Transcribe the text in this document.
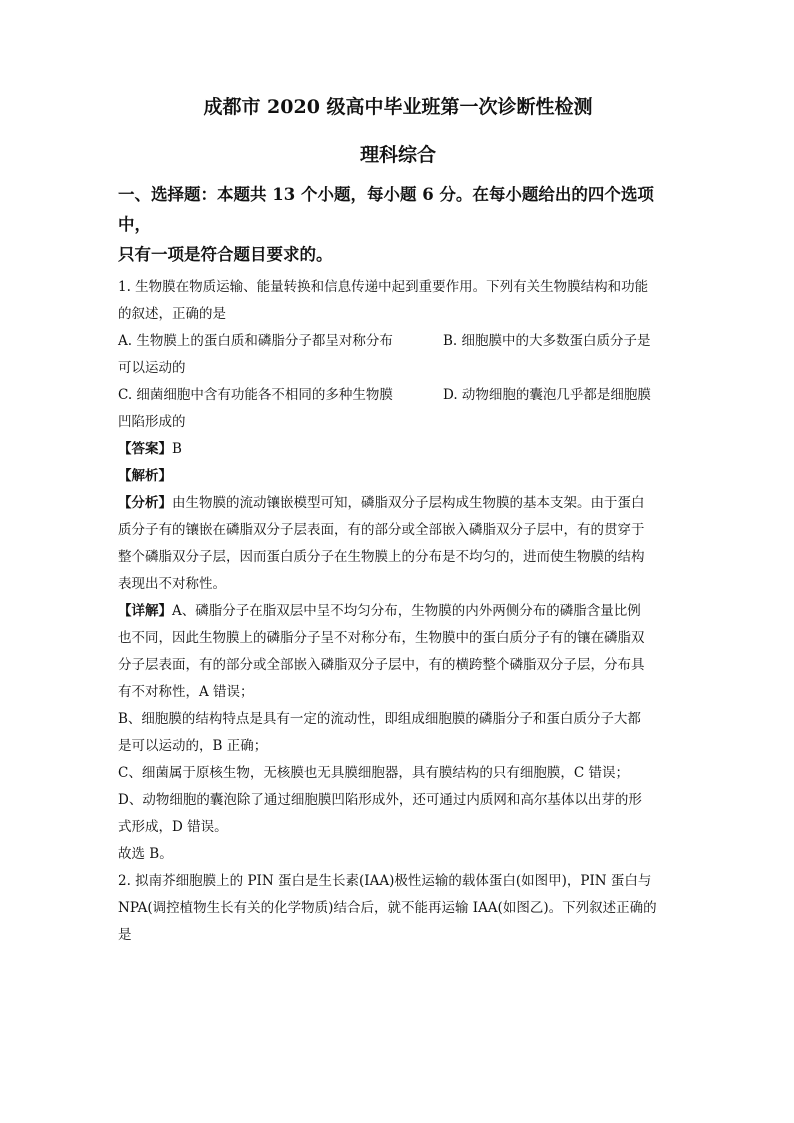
成都市 2020 级高中毕业班第一次诊断性检测
理科综合
一、选择题：本题共 13 个小题，每小题 6 分。在每小题给出的四个选项中，
只有一项是符合题目要求的。

1. 生物膜在物质运输、能量转换和信息传递中起到重要作用。下列有关生物膜结构和功能

的叙述，正确的是

A. 生物膜上的蛋白质和磷脂分子都呈对称分布	B. 细胞膜中的大多数蛋白质分子是

可以运动的

C. 细菌细胞中含有功能各不相同的多种生物膜	D. 动物细胞的囊泡几乎都是细胞膜

凹陷形成的

【答案】B

【解析】

【分析】由生物膜的流动镶嵌模型可知，磷脂双分子层构成生物膜的基本支架。由于蛋白

质分子有的镶嵌在磷脂双分子层表面，有的部分或全部嵌入磷脂双分子层中，有的贯穿于

整个磷脂双分子层，因而蛋白质分子在生物膜上的分布是不均匀的，进而使生物膜的结构

表现出不对称性。

【详解】A、磷脂分子在脂双层中呈不均匀分布，生物膜的内外两侧分布的磷脂含量比例

也不同，因此生物膜上的磷脂分子呈不对称分布，生物膜中的蛋白质分子有的镶在磷脂双

分子层表面，有的部分或全部嵌入磷脂双分子层中，有的横跨整个磷脂双分子层，分布具

有不对称性，A 错误；

B、细胞膜的结构特点是具有一定的流动性，即组成细胞膜的磷脂分子和蛋白质分子大都

是可以运动的，B 正确；

C、细菌属于原核生物，无核膜也无具膜细胞器，具有膜结构的只有细胞膜，C 错误；

D、动物细胞的囊泡除了通过细胞膜凹陷形成外，还可通过内质网和高尔基体以出芽的形

式形成，D 错误。

故选 B。

2. 拟南芥细胞膜上的 PIN 蛋白是生长素(IAA)极性运输的载体蛋白(如图甲)，PIN 蛋白与

NPA(调控植物生长有关的化学物质)结合后，就不能再运输 IAA(如图乙)。下列叙述正确的

是
